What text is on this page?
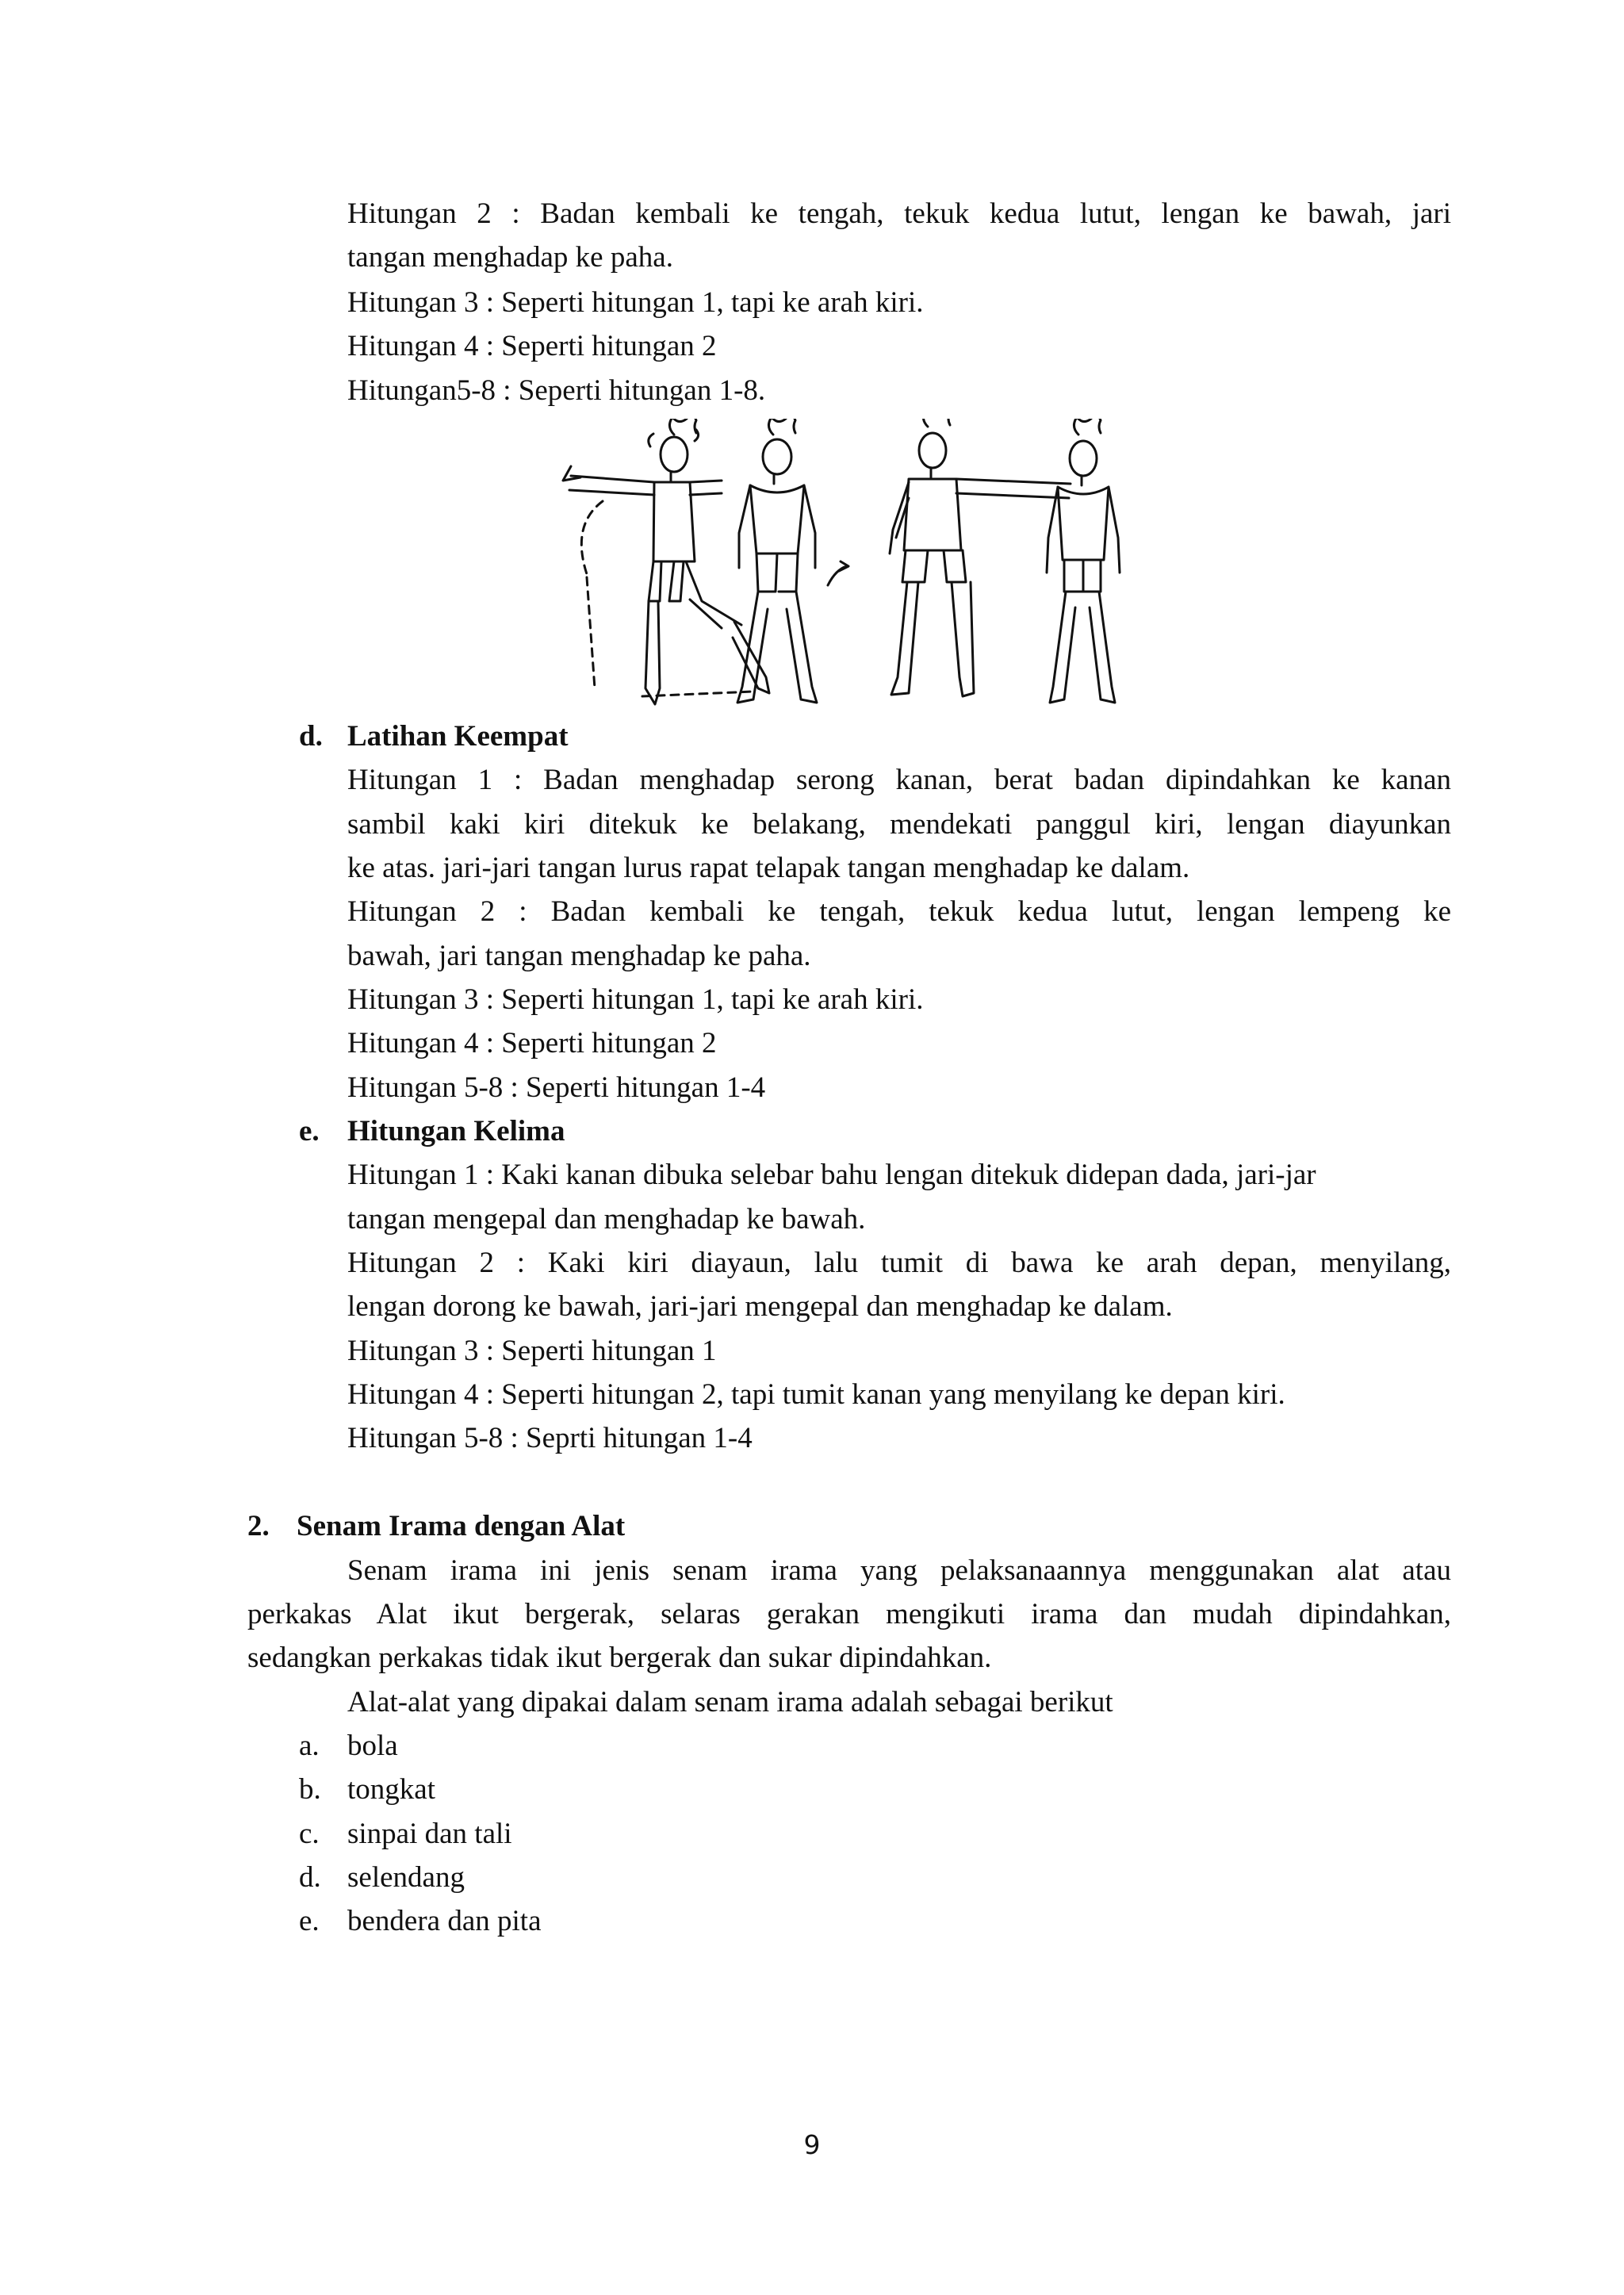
Hitungan 2 : Badan kembali ke tengah, tekuk kedua lutut, lengan ke bawah, jari
tangan menghadap ke paha.
Hitungan 3 : Seperti hitungan 1, tapi ke arah kiri.
Hitungan 4 : Seperti hitungan 2
Hitungan5-8 : Seperti hitungan 1-8.
d. Latihan Keempat
Hitungan 1 : Badan menghadap serong kanan, berat badan dipindahkan ke kanan
sambil kaki kiri ditekuk ke belakang, mendekati panggul kiri, lengan diayunkan
ke atas. jari-jari tangan lurus rapat telapak tangan menghadap ke dalam.
Hitungan 2 : Badan kembali ke tengah, tekuk kedua lutut, lengan lempeng ke
bawah, jari tangan menghadap ke paha.
Hitungan 3 : Seperti hitungan 1, tapi ke arah kiri.
Hitungan 4 : Seperti hitungan 2
Hitungan 5-8 : Seperti hitungan 1-4
e. Hitungan Kelima
Hitungan 1 : Kaki kanan dibuka selebar bahu lengan ditekuk didepan dada, jari-jar
tangan mengepal dan menghadap ke bawah.
Hitungan 2 : Kaki kiri diayaun, lalu tumit di bawa ke arah depan, menyilang,
lengan dorong ke bawah, jari-jari mengepal dan menghadap ke dalam.
Hitungan 3 : Seperti hitungan 1
Hitungan 4 : Seperti hitungan 2, tapi tumit kanan yang menyilang ke depan kiri.
Hitungan 5-8 : Seprti hitungan 1-4
2. Senam Irama dengan Alat
Senam irama ini jenis senam irama yang pelaksanaannya menggunakan alat atau
perkakas Alat ikut bergerak, selaras gerakan mengikuti irama dan mudah dipindahkan,
sedangkan perkakas tidak ikut bergerak dan sukar dipindahkan.
Alat-alat yang dipakai dalam senam irama adalah sebagai berikut
a. bola
b. tongkat
c. sinpai dan tali
d. selendang
e. bendera dan pita
9
